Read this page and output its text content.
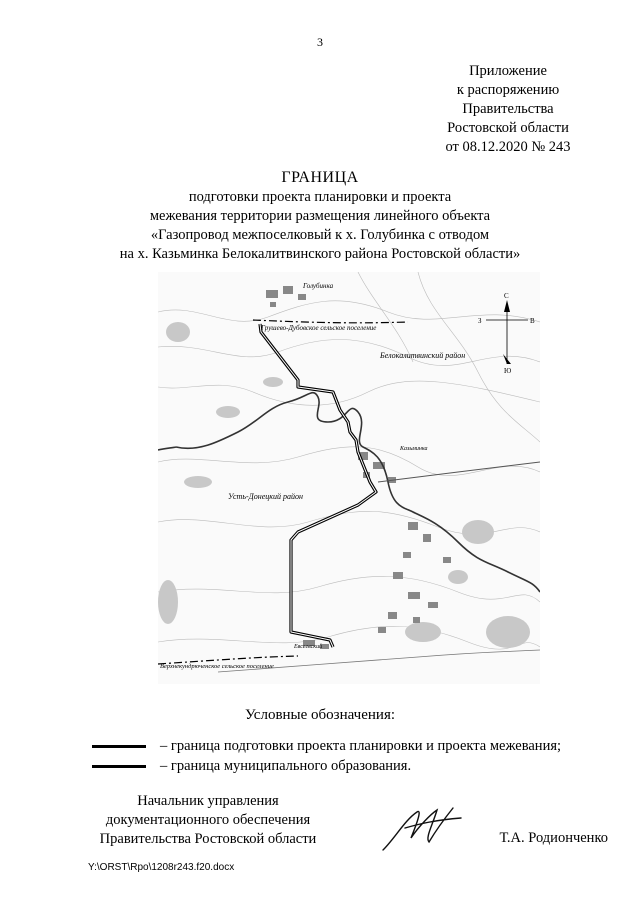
3
Приложение
к распоряжению
Правительства
Ростовской области
от 08.12.2020 № 243
ГРАНИЦА
подготовки проекта планировки и проекта
межевания территории размещения линейного объекта
«Газопровод межпоселковый к х. Голубинка с отводом
на х. Казьминка Белокалитвинского района Ростовской области»
Голубинка
Грушево-Дубовское сельское поселение
Белокалитвинский район
Усть-Донецкий район
Казьминка
Евсеевский
Верхнекундрюченское сельское поселение
С
Ю
З	В
Условные обозначения:
– граница подготовки проекта планировки и проекта межевания;
– граница муниципального образования.
Начальник управления
документационного обеспечения
Правительства Ростовской области	Т.А. Родионченко
Y:\ORST\Rpo\1208r243.f20.docx
